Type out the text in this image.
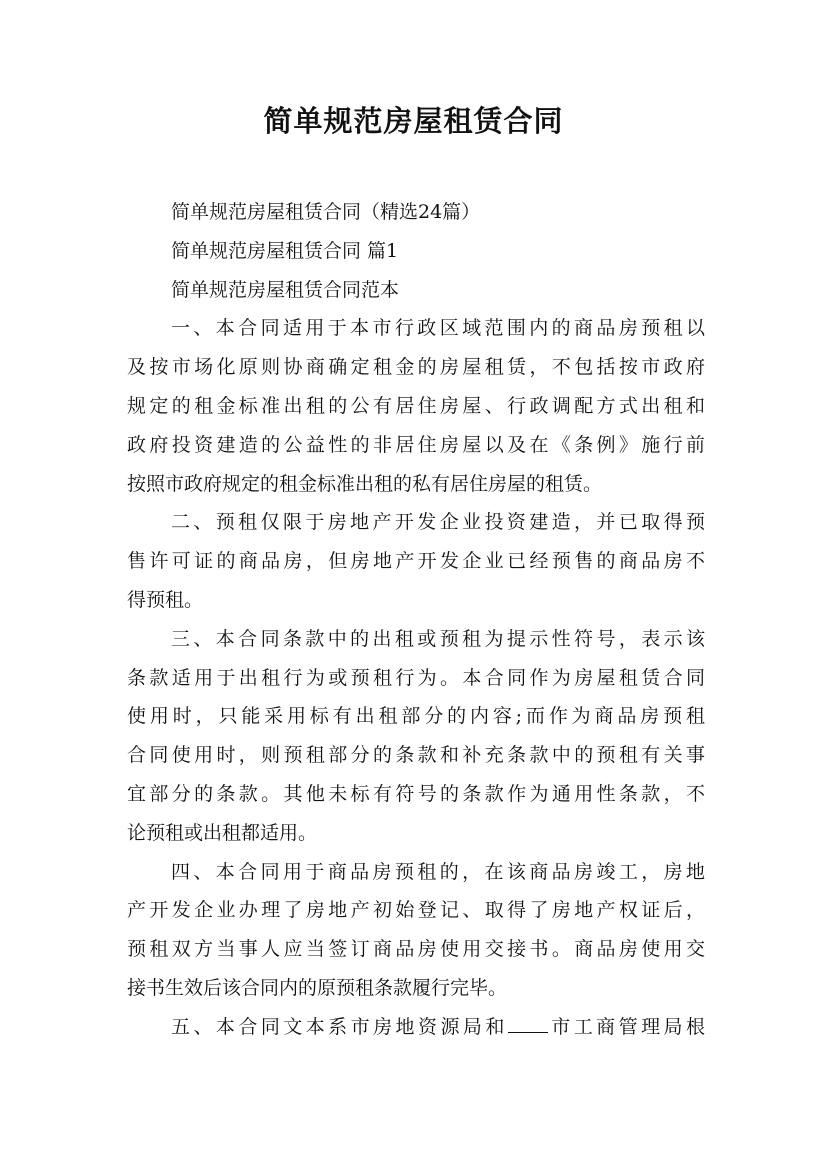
简单规范房屋租赁合同
简单规范房屋租赁合同（精选24篇）
简单规范房屋租赁合同 篇1
简单规范房屋租赁合同范本
一、本合同适用于本市行政区域范围内的商品房预租以
及按市场化原则协商确定租金的房屋租赁，不包括按市政府
规定的租金标准出租的公有居住房屋、行政调配方式出租和
政府投资建造的公益性的非居住房屋以及在《条例》施行前
按照市政府规定的租金标准出租的私有居住房屋的租赁。
二、预租仅限于房地产开发企业投资建造，并已取得预
售许可证的商品房，但房地产开发企业已经预售的商品房不
得预租。
三、本合同条款中的出租或预租为提示性符号，表示该
条款适用于出租行为或预租行为。本合同作为房屋租赁合同
使用时，只能采用标有出租部分的内容;而作为商品房预租
合同使用时，则预租部分的条款和补充条款中的预租有关事
宜部分的条款。其他未标有符号的条款作为通用性条款，不
论预租或出租都适用。
四、本合同用于商品房预租的，在该商品房竣工，房地
产开发企业办理了房地产初始登记、取得了房地产权证后，
预租双方当事人应当签订商品房使用交接书。商品房使用交
接书生效后该合同内的原预租条款履行完毕。
五、本合同文本系市房地资源局和 市工商管理局根
